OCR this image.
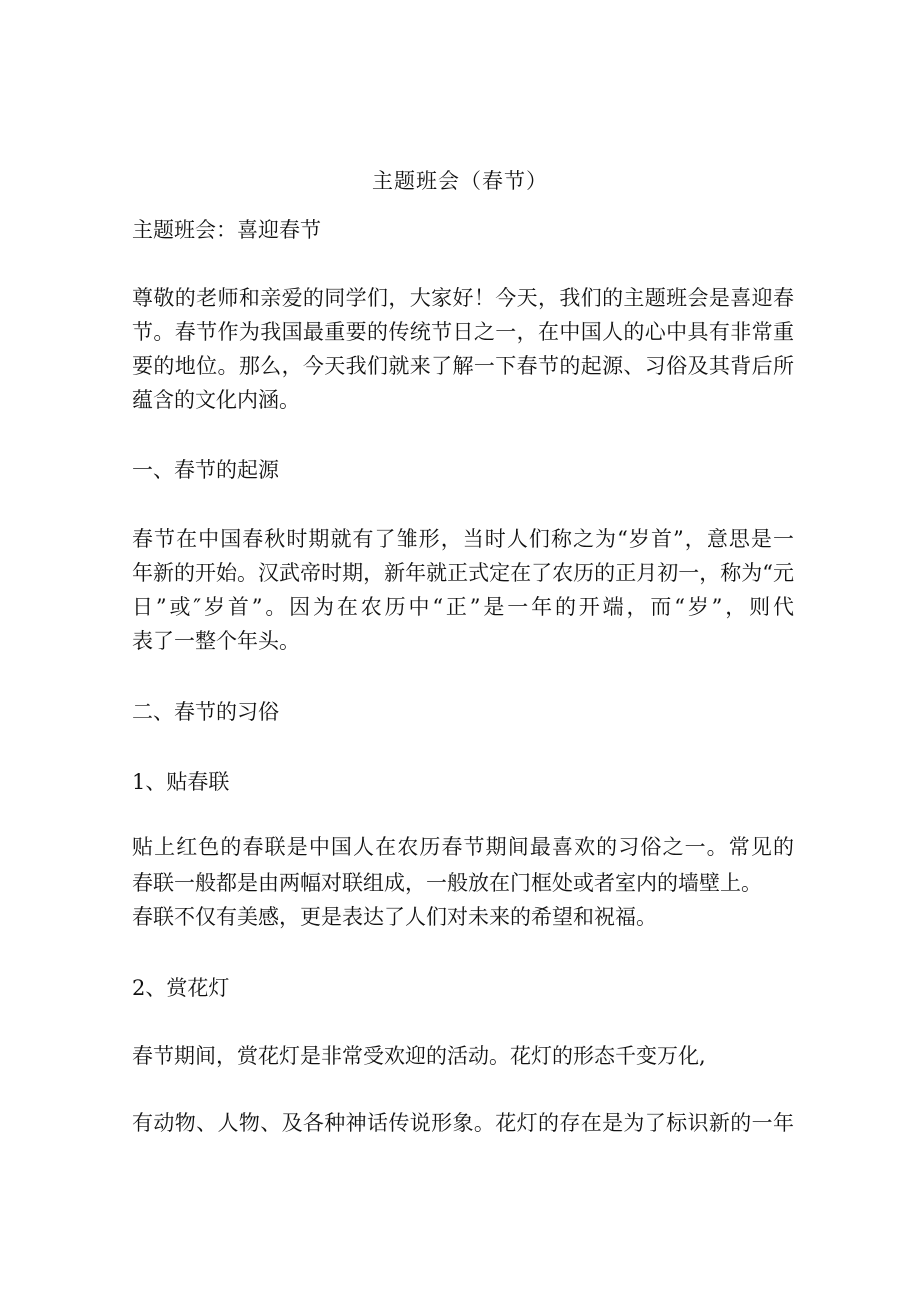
主题班会（春节）
主题班会：喜迎春节
尊敬的老师和亲爱的同学们，大家好！今天，我们的主题班会是喜迎春
节。春节作为我国最重要的传统节日之一，在中国人的心中具有非常重
要的地位。那么，今天我们就来了解一下春节的起源、习俗及其背后所
蕴含的文化内涵。
一、春节的起源
春节在中国春秋时期就有了雏形，当时人们称之为“岁首”，意思是一
年新的开始。汉武帝时期，新年就正式定在了农历的正月初一，称为“元
日”或″岁首”。因为在农历中“正”是一年的开端，而“岁”，则代
表了一整个年头。
二、春节的习俗
1、贴春联
贴上红色的春联是中国人在农历春节期间最喜欢的习俗之一。常见的
春联一般都是由两幅对联组成，一般放在门框处或者室内的墙壁上。
春联不仅有美感，更是表达了人们对未来的希望和祝福。
2、赏花灯
春节期间，赏花灯是非常受欢迎的活动。花灯的形态千变万化,
有动物、人物、及各种神话传说形象。花灯的存在是为了标识新的一年
